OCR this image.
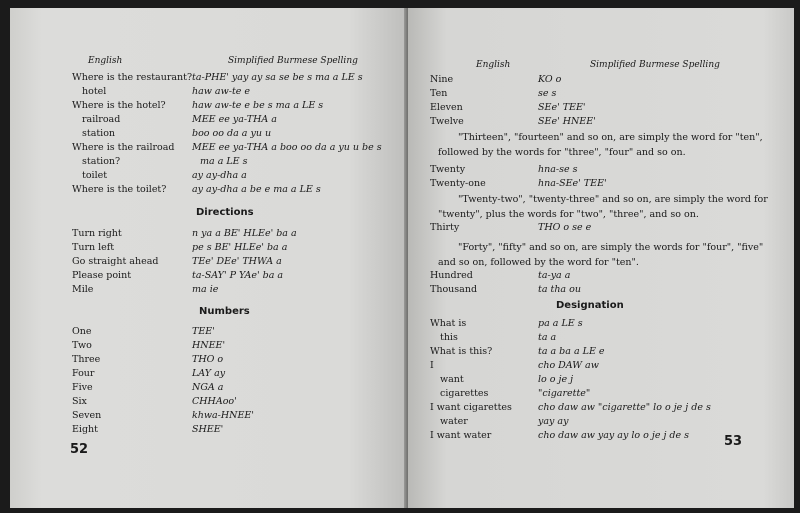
English	Simplified Burmese Spelling
Where is the restaurant? ta-PHE' yay ay sa se be s ma a LE s
hotel	haw aw-te e
Where is the hotel?	haw aw-te e be s ma a LE s
railroad	MEE ee ya-THA a
station	boo oo da a yu u
Where is the railroad MEE ee ya-THA a boo oo da a yu u be s
station?	ma a LE s
toilet	ay ay-dha a
Where is the toilet?	ay ay-dha a be e ma a LE s
Directions
Turn right	n ya a BE' HLEe' ba a
Turn left	pe s BE' HLEe' ba a
Go straight ahead	TEe' DEe' THWA a
Please point	ta-SAY' P YAe' ba a
Mile	ma ie
Numbers
One	TEE'
Two	HNEE'
Three	THO o
Four	LAY ay
Five	NGA a
Six	CHHAoo'
Seven	khwa-HNEE'
Eight	SHEE'
52
English	Simplified Burmese Spelling
Nine	KO o
Ten	se s
Eleven	SEe' TEE'
Twelve	SEe' HNEE'
"Thirteen", "fourteen" and so on, are simply the word for "ten", followed by the words for "three", "four" and so on.
Twenty	hna-se s
Twenty-one	hna-SEe' TEE'
"Twenty-two", "twenty-three" and so on, are simply the word for "twenty", plus the words for "two", "three", and so on.
Thirty	THO o se e
"Forty", "fifty" and so on, are simply the words for "four", "five" and so on, followed by the word for "ten".
Hundred	ta-ya a
Thousand	ta tha ou
Designation
What is	pa a LE s
this	ta a
What is this?	ta a ba a LE e
I	cho DAW aw
want	lo o je j
cigarettes	"cigarette"
I want cigarettes	cho daw aw "cigarette" lo o je j de s
water	yay ay
I want water	cho daw aw yay ay lo o je j de s	53
